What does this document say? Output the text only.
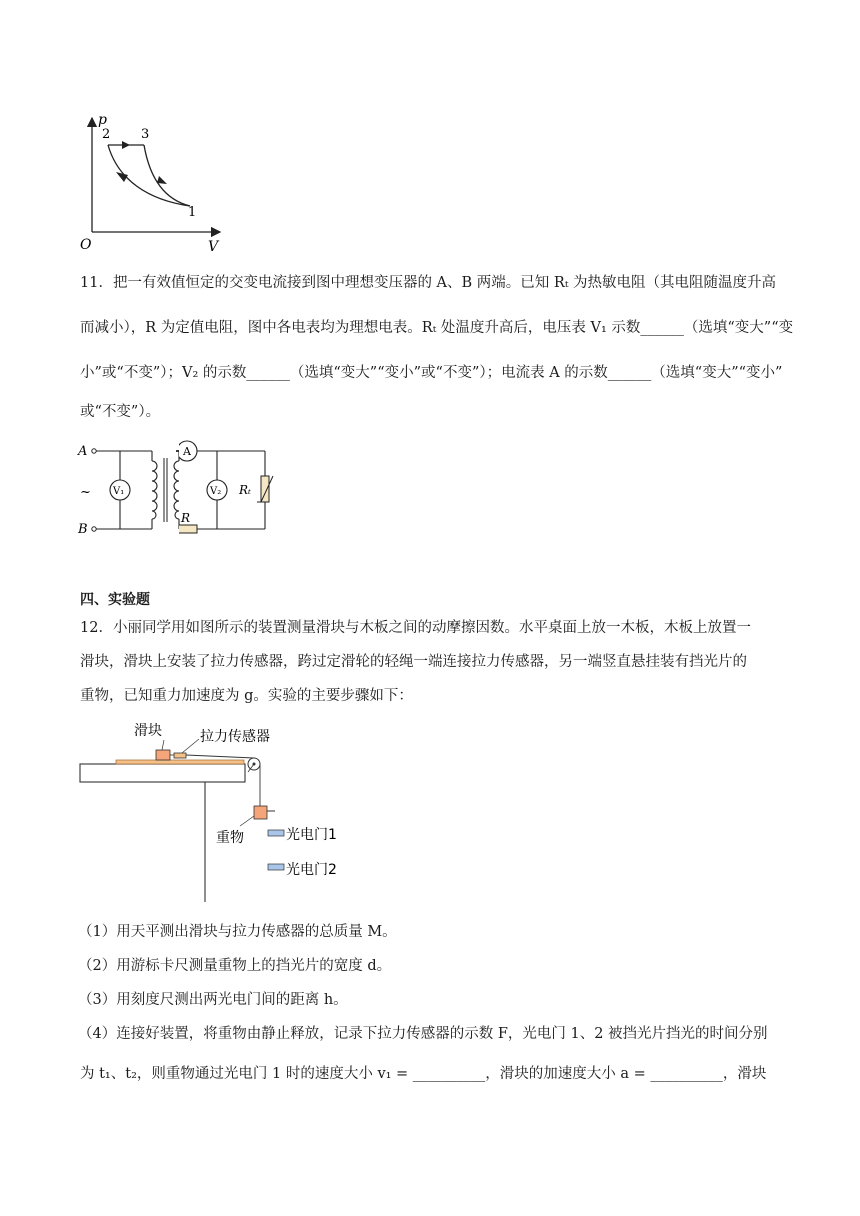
p
V
O
2 3
1
11．把一有效值恒定的交变电流接到图中理想变压器的 A、B 两端。已知 Rₜ 为热敏电阻（其电阻随温度升高
而减小），R 为定值电阻，图中各电表均为理想电表。Rₜ 处温度升高后，电压表 V₁ 示数______（选填“变大”“变
小”或“不变”）；V₂ 的示数______（选填“变大”“变小”或“不变”）；电流表 A 的示数______（选填“变大”“变小”
或“不变”）。
A
B
~ V₁
A
V₂ Rₜ
R
四、实验题
12．小丽同学用如图所示的装置测量滑块与木板之间的动摩擦因数。水平桌面上放一木板，木板上放置一
滑块，滑块上安装了拉力传感器，跨过定滑轮的轻绳一端连接拉力传感器，另一端竖直悬挂装有挡光片的
重物，已知重力加速度为 g。实验的主要步骤如下：
滑块	拉力传感器
重物	光电门1
光电门2
（1）用天平测出滑块与拉力传感器的总质量 M。
（2）用游标卡尺测量重物上的挡光片的宽度 d。
（3）用刻度尺测出两光电门间的距离 h。
（4）连接好装置，将重物由静止释放，记录下拉力传感器的示数 F，光电门 1、2 被挡光片挡光的时间分别
为 t₁、t₂，则重物通过光电门 1 时的速度大小 v₁ = __________，滑块的加速度大小 a = __________，滑块
